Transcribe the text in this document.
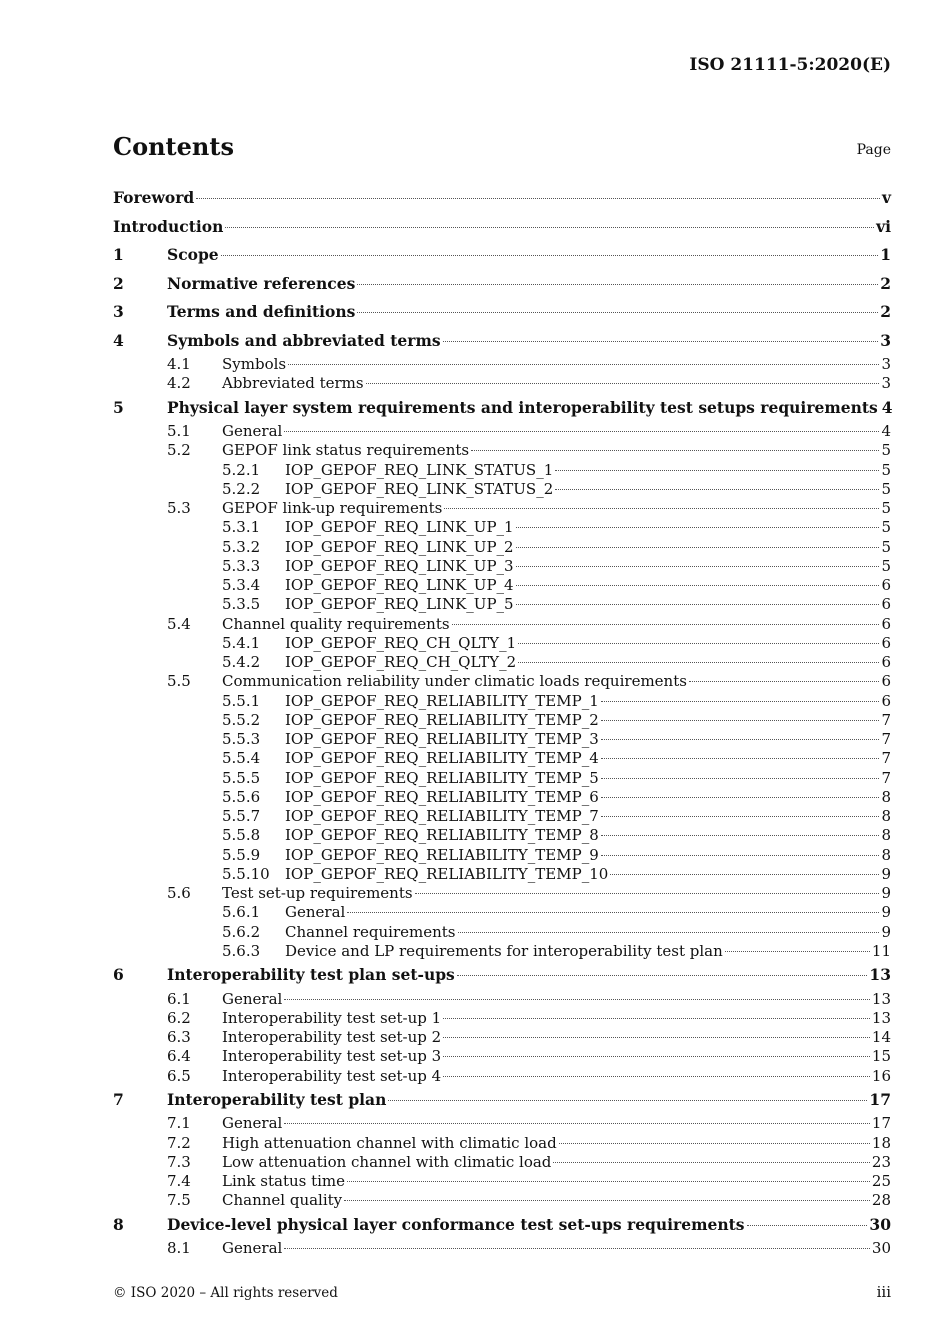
ISO 21111-5:2020(E)
Contents	Page
Foreword	v
Introduction	vi
1	Scope	1
2	Normative references	2
3	Terms and definitions	2
4	Symbols and abbreviated terms	3
4.1	Symbols	3
4.2	Abbreviated terms	3
5	Physical layer system requirements and interoperability test setups requirements 4
5.1	General	4
5.2	GEPOF link status requirements	5
5.2.1	IOP_GEPOF_REQ_LINK_STATUS_1	5
5.2.2	IOP_GEPOF_REQ_LINK_STATUS_2	5
5.3	GEPOF link-up requirements	5
5.3.1	IOP_GEPOF_REQ_LINK_UP_1	5
5.3.2	IOP_GEPOF_REQ_LINK_UP_2	5
5.3.3	IOP_GEPOF_REQ_LINK_UP_3	5
5.3.4	IOP_GEPOF_REQ_LINK_UP_4	6
5.3.5	IOP_GEPOF_REQ_LINK_UP_5	6
5.4	Channel quality requirements	6
5.4.1	IOP_GEPOF_REQ_CH_QLTY_1	6
5.4.2	IOP_GEPOF_REQ_CH_QLTY_2	6
5.5	Communication reliability under climatic loads requirements	6
5.5.1	IOP_GEPOF_REQ_RELIABILITY_TEMP_1	6
5.5.2	IOP_GEPOF_REQ_RELIABILITY_TEMP_2	7
5.5.3	IOP_GEPOF_REQ_RELIABILITY_TEMP_3	7
5.5.4	IOP_GEPOF_REQ_RELIABILITY_TEMP_4	7
5.5.5	IOP_GEPOF_REQ_RELIABILITY_TEMP_5	7
5.5.6	IOP_GEPOF_REQ_RELIABILITY_TEMP_6	8
5.5.7	IOP_GEPOF_REQ_RELIABILITY_TEMP_7	8
5.5.8	IOP_GEPOF_REQ_RELIABILITY_TEMP_8	8
5.5.9	IOP_GEPOF_REQ_RELIABILITY_TEMP_9	8
5.5.10	IOP_GEPOF_REQ_RELIABILITY_TEMP_10	9
5.6	Test set-up requirements	9
5.6.1	General	9
5.6.2	Channel requirements	9
5.6.3	Device and LP requirements for interoperability test plan	11
6	Interoperability test plan set-ups	13
6.1	General	13
6.2	Interoperability test set-up 1	13
6.3	Interoperability test set-up 2	14
6.4	Interoperability test set-up 3	15
6.5	Interoperability test set-up 4	16
7	Interoperability test plan	17
7.1	General	17
7.2	High attenuation channel with climatic load	18
7.3	Low attenuation channel with climatic load	23
7.4	Link status time	25
7.5	Channel quality	28
8	Device-level physical layer conformance test set-ups requirements	30
8.1	General	30
© ISO 2020 – All rights reserved	iii
